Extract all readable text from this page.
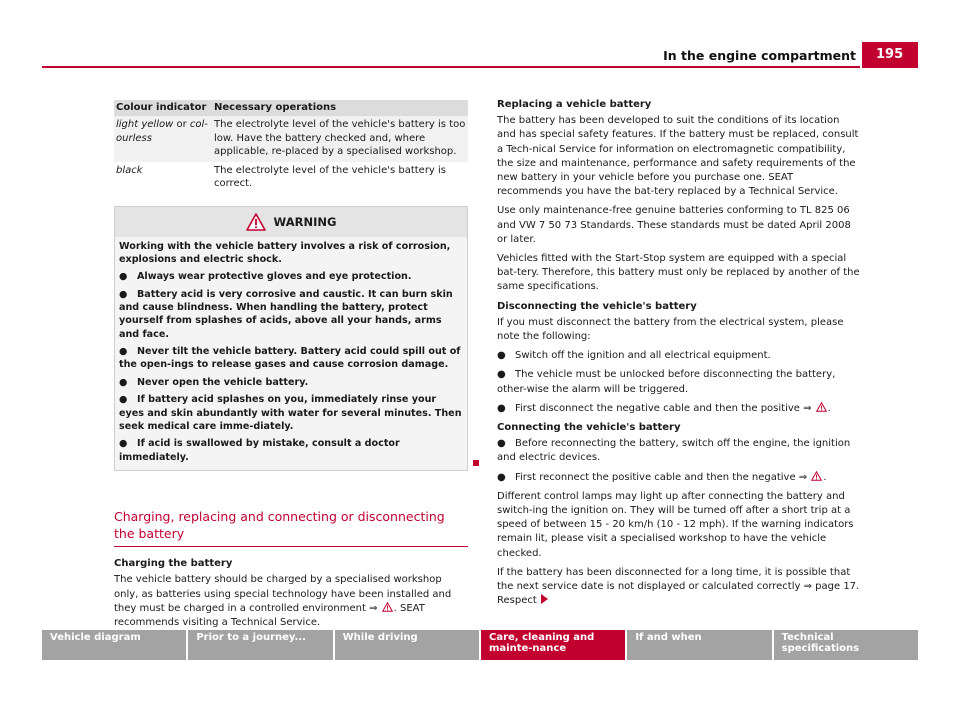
In the engine compartment	195
Colour indicator	Necessary operations
light yellow or col-ourless	The electrolyte level of the vehicle's battery is too low. Have the battery checked and, where applicable, re-placed by a specialised workshop.
black	The electrolyte level of the vehicle's battery is correct.
WARNING

Working with the vehicle battery involves a risk of corrosion, explosions and electric shock.

● Always wear protective gloves and eye protection.

● Battery acid is very corrosive and caustic. It can burn skin and cause blindness. When handling the battery, protect yourself from splashes of acids, above all your hands, arms and face.

● Never tilt the vehicle battery. Battery acid could spill out of the open-ings to release gases and cause corrosion damage.

● Never open the vehicle battery.

● If battery acid splashes on you, immediately rinse your eyes and skin abundantly with water for several minutes. Then seek medical care imme-diately.

● If acid is swallowed by mistake, consult a doctor immediately.

Charging, replacing and connecting or disconnecting the battery

Charging the battery

The vehicle battery should be charged by a specialised workshop only, as batteries using special technology have been installed and they must be charged in a controlled environment ⇒ . SEAT recommends visiting a Technical Service.

Replacing a vehicle battery

The battery has been developed to suit the conditions of its location and has special safety features. If the battery must be replaced, consult a Tech-nical Service for information on electromagnetic compatibility, the size and maintenance, performance and safety requirements of the new battery in your vehicle before you purchase one. SEAT recommends you have the bat-tery replaced by a Technical Service.

Use only maintenance-free genuine batteries conforming to TL 825 06 and VW 7 50 73 Standards. These standards must be dated April 2008 or later.

Vehicles fitted with the Start-Stop system are equipped with a special bat-tery. Therefore, this battery must only be replaced by another of the same specifications.

Disconnecting the vehicle's battery

If you must disconnect the battery from the electrical system, please note the following:

● Switch off the ignition and all electrical equipment.

● The vehicle must be unlocked before disconnecting the battery, other-wise the alarm will be triggered.

● First disconnect the negative cable and then the positive ⇒ .

Connecting the vehicle's battery

● Before reconnecting the battery, switch off the engine, the ignition and electric devices.

● First reconnect the positive cable and then the negative ⇒ .

Different control lamps may light up after connecting the battery and switch-ing the ignition on. They will be turned off after a short trip at a speed of between 15 - 20 km/h (10 - 12 mph). If the warning indicators remain lit, please visit a specialised workshop to have the vehicle checked.

If the battery has been disconnected for a long time, it is possible that the next service date is not displayed or calculated correctly ⇒ page 17. Respect

Vehicle diagram	Prior to a journey...	While driving	Care, cleaning and mainte-nance
If and when	Technical specifications
